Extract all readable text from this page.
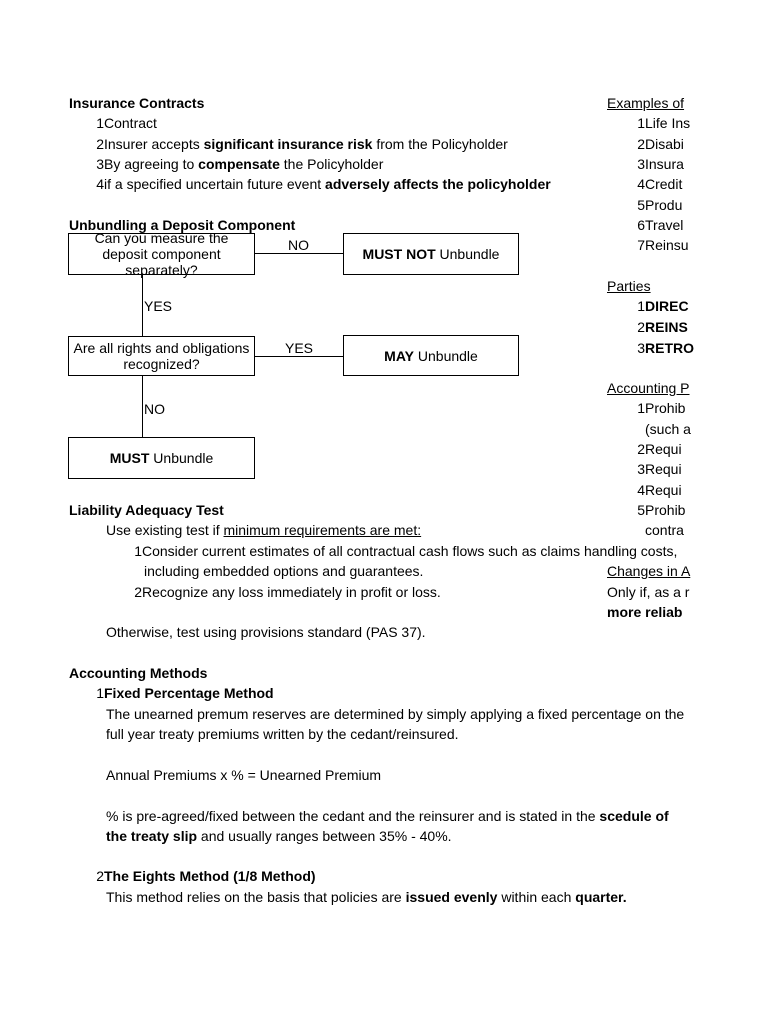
Insurance Contracts
1Contract
2Insurer accepts significant insurance risk from the Policyholder
3By agreeing to compensate the Policyholder
4if a specified uncertain future event adversely affects the policyholder
Unbundling a Deposit Component
Can you measure the deposit component separately?
NO
MUST NOT Unbundle
YES
Are all rights and obligations recognized?
YES	MAY Unbundle
NO
MUST Unbundle
Liability Adequacy Test
Use existing test if minimum requirements are met:
1Consider current estimates of all contractual cash flows such as claims handling costs,
including embedded options and guarantees.
2Recognize any loss immediately in profit or loss.
Otherwise, test using provisions standard (PAS 37).
Accounting Methods
1Fixed Percentage Method
The unearned premum reserves are determined by simply applying a fixed percentage on the
full year treaty premiums written by the cedant/reinsured.
Annual Premiums x % = Unearned Premium
% is pre-agreed/fixed between the cedant and the reinsurer and is stated in the scedule of
the treaty slip and usually ranges between 35% - 40%.
2The Eights Method (1/8 Method)
This method relies on the basis that policies are issued evenly within each quarter.
Examples of
1Life Ins
2Disabi
3Insura
4Credit
5Produ
6Travel
7Reinsu
Parties
1DIREC
2REINS
3RETRO
Accounting P
1Prohib
(such a
2Requi
3Requi
4Requi
5Prohib
contra
Changes in A
Only if, as a r
more reliab
